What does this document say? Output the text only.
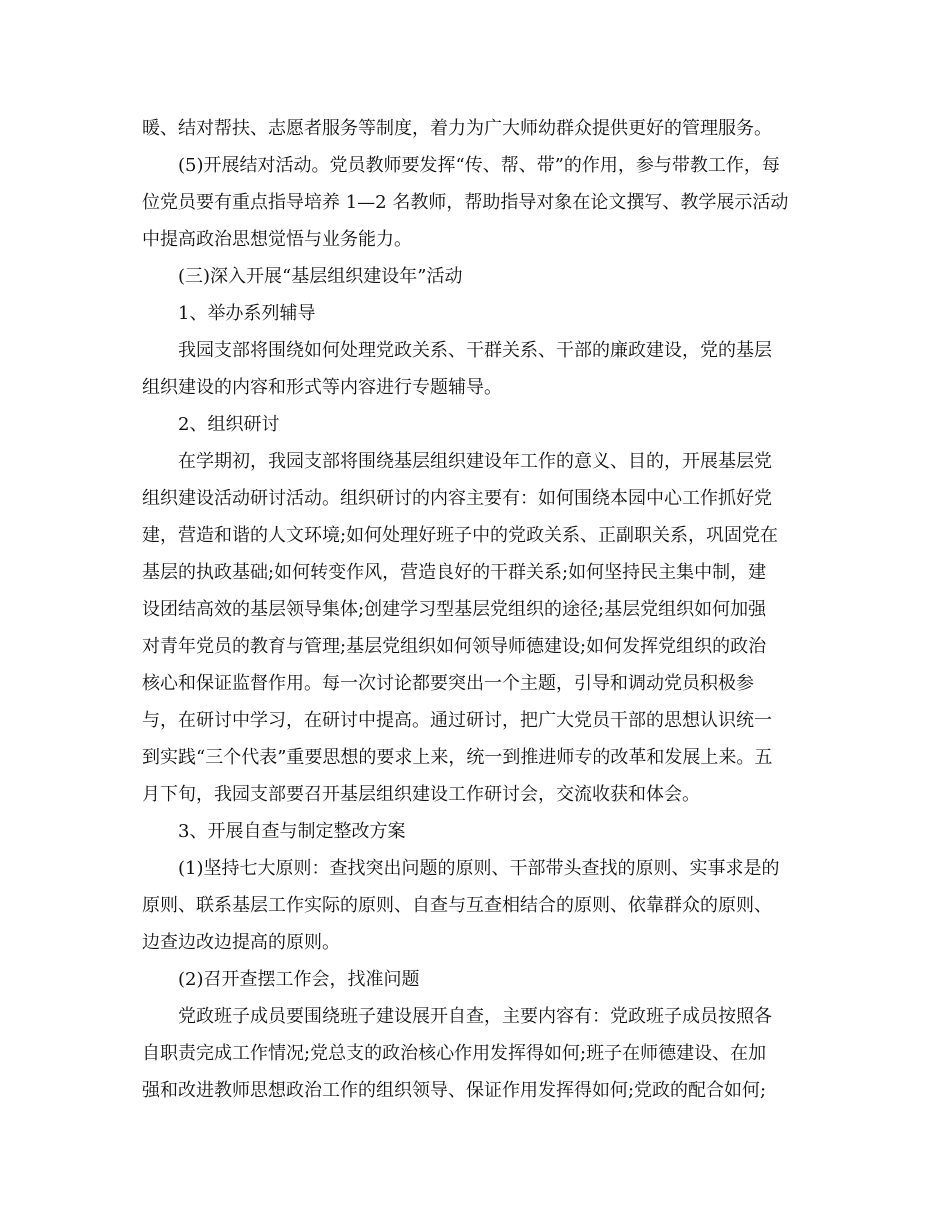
暖、结对帮扶、志愿者服务等制度，着力为广大师幼群众提供更好的管理服务。
(5)开展结对活动。党员教师要发挥“传、帮、带”的作用，参与带教工作，每
位党员要有重点指导培养 1—2 名教师，帮助指导对象在论文撰写、教学展示活动
中提高政治思想觉悟与业务能力。
(三)深入开展“基层组织建设年”活动
1、举办系列辅导
我园支部将围绕如何处理党政关系、干群关系、干部的廉政建设，党的基层
组织建设的内容和形式等内容进行专题辅导。
2、组织研讨
在学期初，我园支部将围绕基层组织建设年工作的意义、目的，开展基层党
组织建设活动研讨活动。组织研讨的内容主要有：如何围绕本园中心工作抓好党
建，营造和谐的人文环境;如何处理好班子中的党政关系、正副职关系，巩固党在
基层的执政基础;如何转变作风，营造良好的干群关系;如何坚持民主集中制，建
设团结高效的基层领导集体;创建学习型基层党组织的途径;基层党组织如何加强
对青年党员的教育与管理;基层党组织如何领导师德建设;如何发挥党组织的政治
核心和保证监督作用。每一次讨论都要突出一个主题，引导和调动党员积极参
与，在研讨中学习，在研讨中提高。通过研讨，把广大党员干部的思想认识统一
到实践“三个代表”重要思想的要求上来，统一到推进师专的改革和发展上来。五
月下旬，我园支部要召开基层组织建设工作研讨会，交流收获和体会。
3、开展自查与制定整改方案
(1)坚持七大原则：查找突出问题的原则、干部带头查找的原则、实事求是的
原则、联系基层工作实际的原则、自查与互查相结合的原则、依靠群众的原则、
边查边改边提高的原则。
(2)召开查摆工作会，找准问题
党政班子成员要围绕班子建设展开自查，主要内容有：党政班子成员按照各
自职责完成工作情况;党总支的政治核心作用发挥得如何;班子在师德建设、在加
强和改进教师思想政治工作的组织领导、保证作用发挥得如何;党政的配合如何;
